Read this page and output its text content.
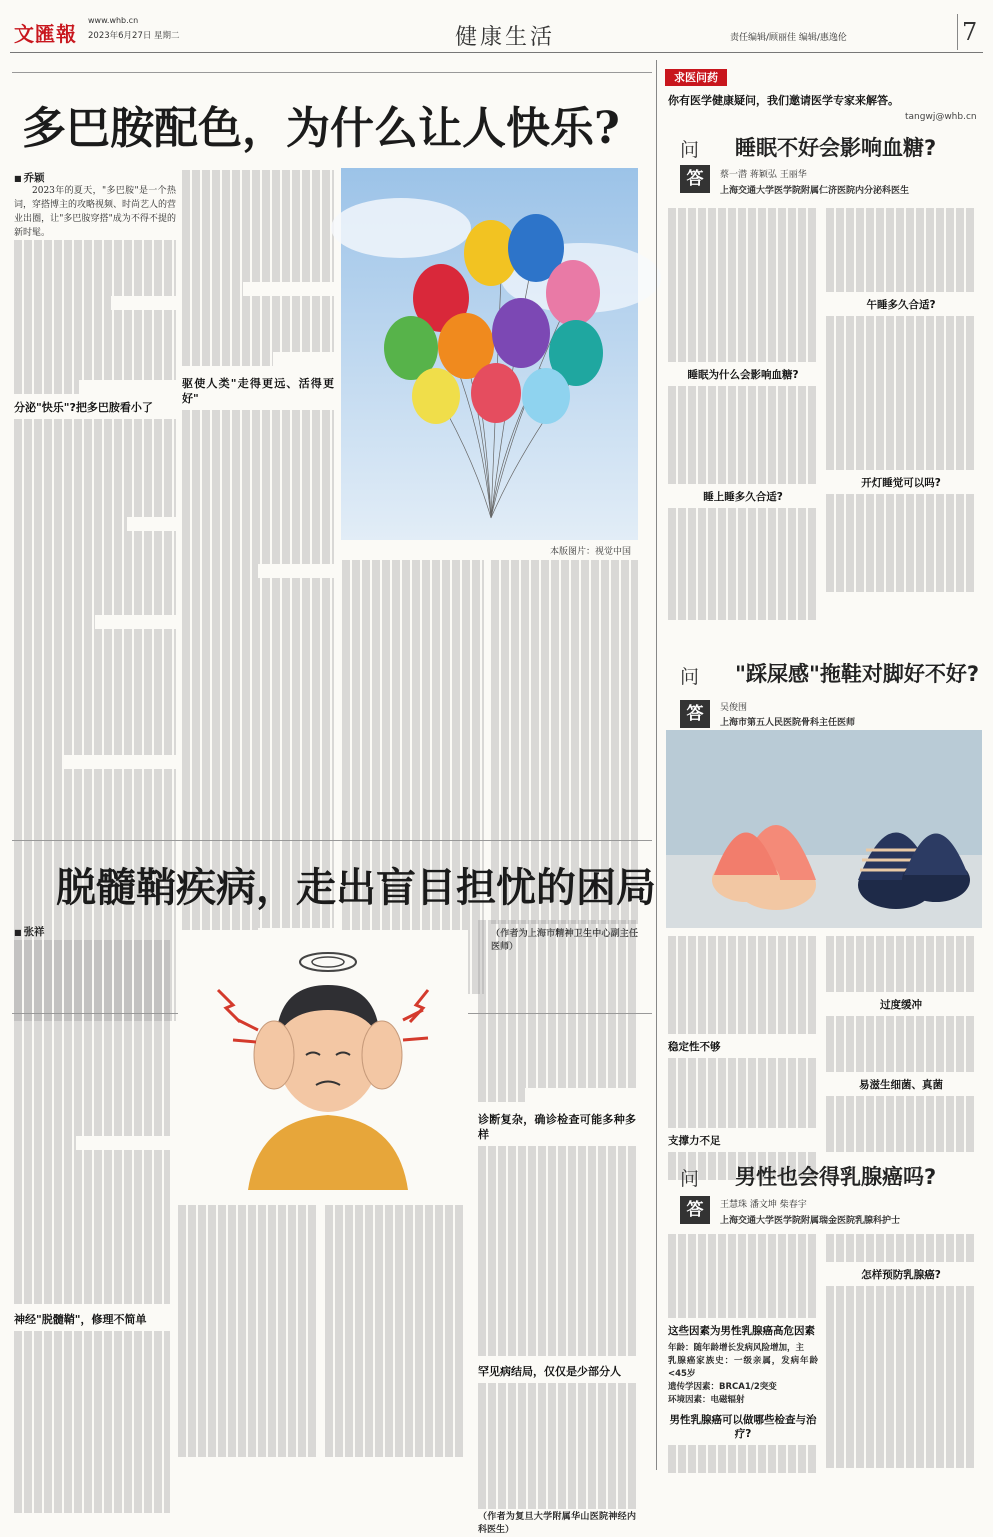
文匯報
www.whb.cn
2023年6月27日 星期二	健康生活	责任编辑/顾丽佳 编辑/惠逸伦	7
多巴胺配色，为什么让人快乐?
■ 乔颖

2023年的夏天，"多巴胺"是一个热词，穿搭博主的攻略视频、时尚艺人的营业出圈，让"多巴胺穿搭"成为不得不提的新时髦。

分泌"快乐"?把多巴胺看小了
驱使人类"走得更远、活得更好"
本版图片：视觉中国
（作者为上海市精神卫生中心副主任医师）
脱髓鞘疾病，走出盲目担忧的困局
■ 张祥
神经"脱髓鞘"，修理不简单
诊断复杂，确诊检查可能多种多样
罕见病结局，仅仅是少部分人
（作者为复旦大学附属华山医院神经内科医生）
求医问药
你有医学健康疑问，我们邀请医学专家来解答。
tangwj@whb.cn
问	睡眠不好会影响血糖?
答	蔡一潜 蒋颖弘 王丽华
上海交通大学医学院附属仁济医院内分泌科医生
睡眠为什么会影响血糖?
睡上睡多久合适?
午睡多久合适?
开灯睡觉可以吗?
问	"踩屎感"拖鞋对脚好不好?
答	吴俊围
上海市第五人民医院骨科主任医师
稳定性不够
支撑力不足
过度缓冲
易滋生细菌、真菌
问	男性也会得乳腺癌吗?
答	王慧珠 潘文坤 柴春宇
上海交通大学医学院附属瑞金医院乳腺科护士
这些因素为男性乳腺癌高危因素
年龄：随年龄增长发病风险增加，主
乳腺癌家族史：一级亲属，发病年龄<45岁
遗传学因素：BRCA1/2突变
环境因素：电磁辐射
男性乳腺癌可以做哪些检查与治疗?
怎样预防乳腺癌?
